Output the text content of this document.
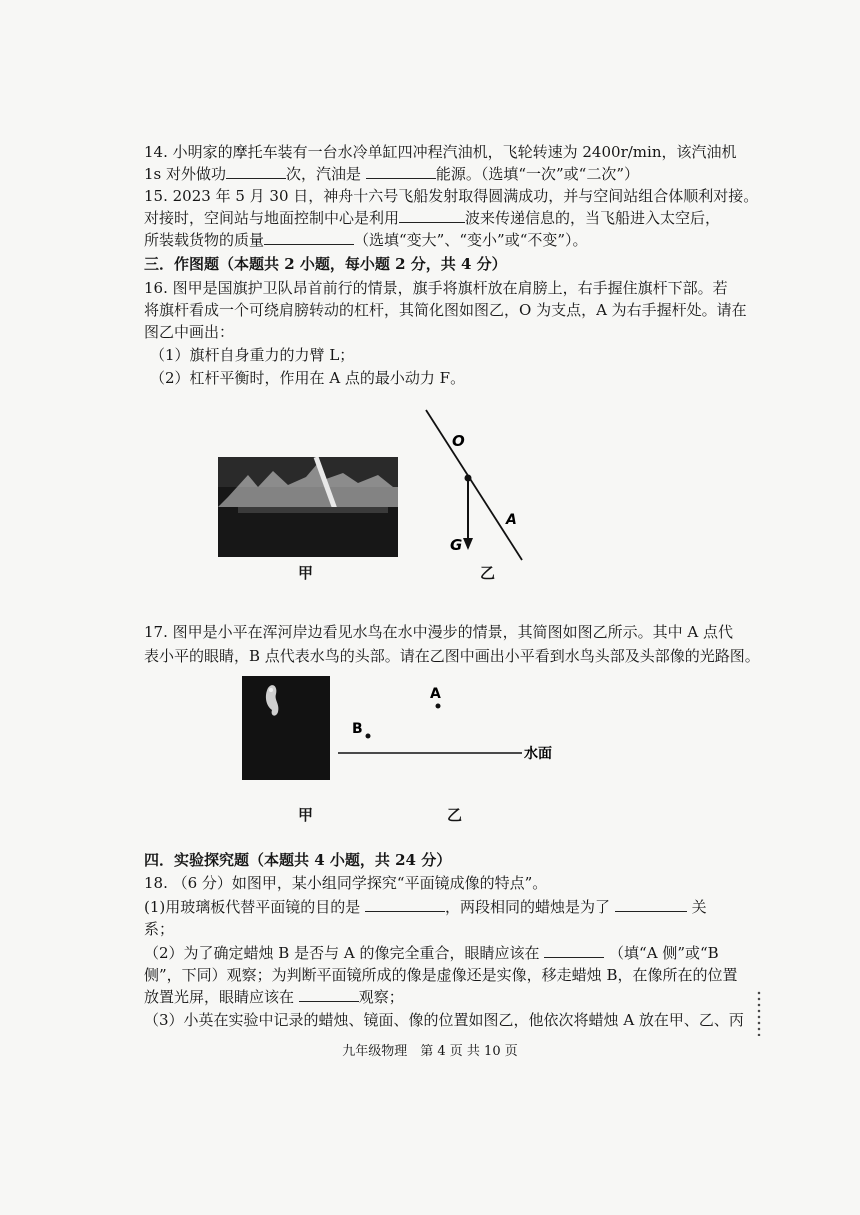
14. 小明家的摩托车装有一台水冷单缸四冲程汽油机，飞轮转速为 2400r/min，该汽油机
1s 对外做功	次，汽油是	能源。（选填“一次”或“二次”）
15. 2023 年 5 月 30 日，神舟十六号飞船发射取得圆满成功，并与空间站组合体顺利对接。
对接时，空间站与地面控制中心是利用	波来传递信息的，当飞船进入太空后，
所装载货物的质量	（选填“变大”、“变小”或“不变”）。
三．作图题（本题共 2 小题，每小题 2 分，共 4 分）
16. 图甲是国旗护卫队昂首前行的情景，旗手将旗杆放在肩膀上，右手握住旗杆下部。若
将旗杆看成一个可绕肩膀转动的杠杆，其简化图如图乙，O 为支点，A 为右手握杆处。请在
图乙中画出：
（1）旗杆自身重力的力臂 L；
（2）杠杆平衡时，作用在 A 点的最小动力 F。
甲
O
A
G
乙
17. 图甲是小平在浑河岸边看见水鸟在水中漫步的情景，其简图如图乙所示。其中 A 点代
表小平的眼睛，B 点代表水鸟的头部。请在乙图中画出小平看到水鸟头部及头部像的光路图。
甲
A
B
水面
乙
四．实验探究题（本题共 4 小题，共 24 分）
18. （6 分）如图甲，某小组同学探究“平面镜成像的特点”。
(1)用玻璃板代替平面镜的目的是	，两段相同的蜡烛是为了	关
系；
（2）为了确定蜡烛 B 是否与 A 的像完全重合，眼睛应该在	（填“A 侧”或“B
侧”，下同）观察；为判断平面镜所成的像是虚像还是实像，移走蜡烛 B，在像所在的位置
放置光屏，眼睛应该在	观察；
（3）小英在实验中记录的蜡烛、镜面、像的位置如图乙，他依次将蜡烛 A 放在甲、乙、丙
九年级物理　第 4 页 共 10 页
